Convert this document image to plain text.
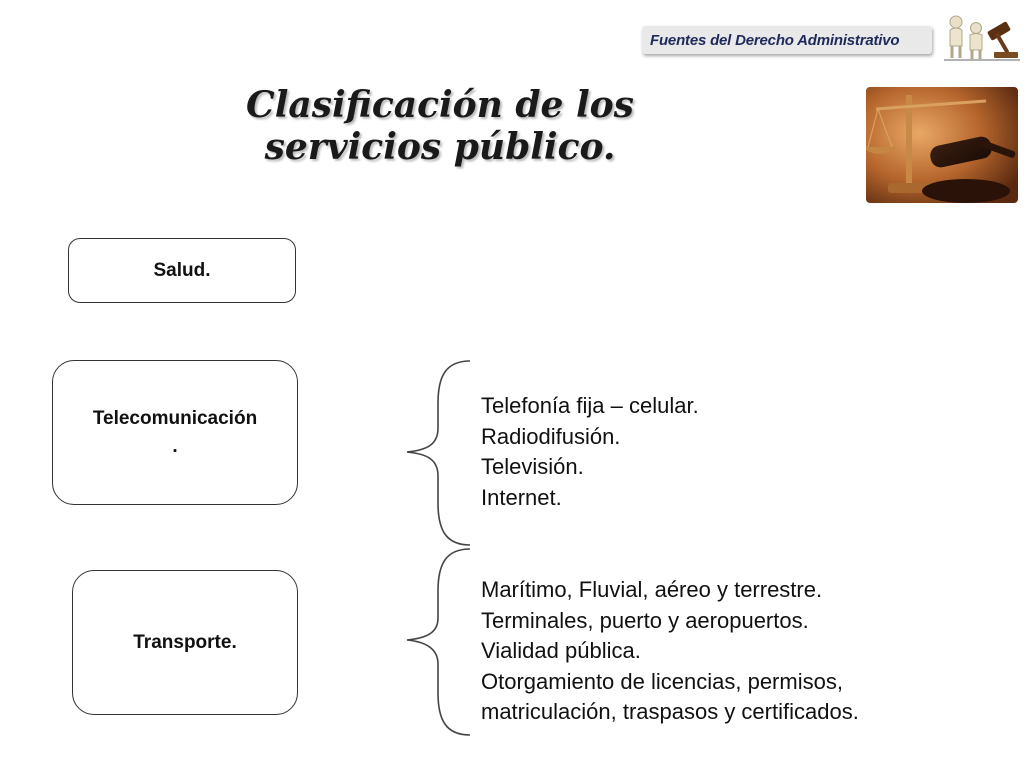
Fuentes del Derecho Administrativo
Clasificación de los
servicios público.
Salud.
Telecomunicación
.
Transporte.
Telefonía fija – celular.
Radiodifusión.
Televisión.
Internet.
Marítimo, Fluvial, aéreo y terrestre.
Terminales, puerto y aeropuertos.
Vialidad pública.
Otorgamiento de licencias, permisos,
matriculación, traspasos y certificados.
